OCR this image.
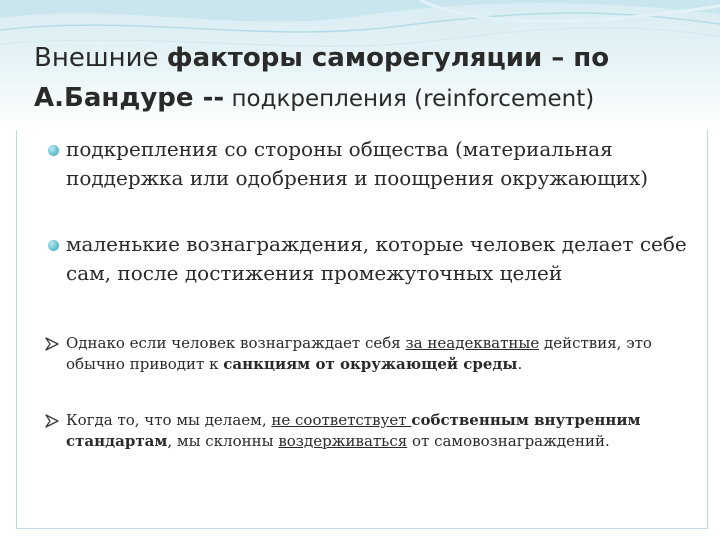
Внешние факторы саморегуляции – по А.Бандуре -- подкрепления (reinforcement)
подкрепления со стороны общества (материальная поддержка или одобрения и поощрения окружающих)
маленькие вознаграждения, которые человек делает себе сам, после достижения промежуточных целей
Однако если человек вознаграждает себя за неадекватные действия, это обычно приводит к санкциям от окружающей среды.
Когда то, что мы делаем, не соответствует собственным внутренним стандартам, мы склонны воздерживаться от самовознаграждений.
